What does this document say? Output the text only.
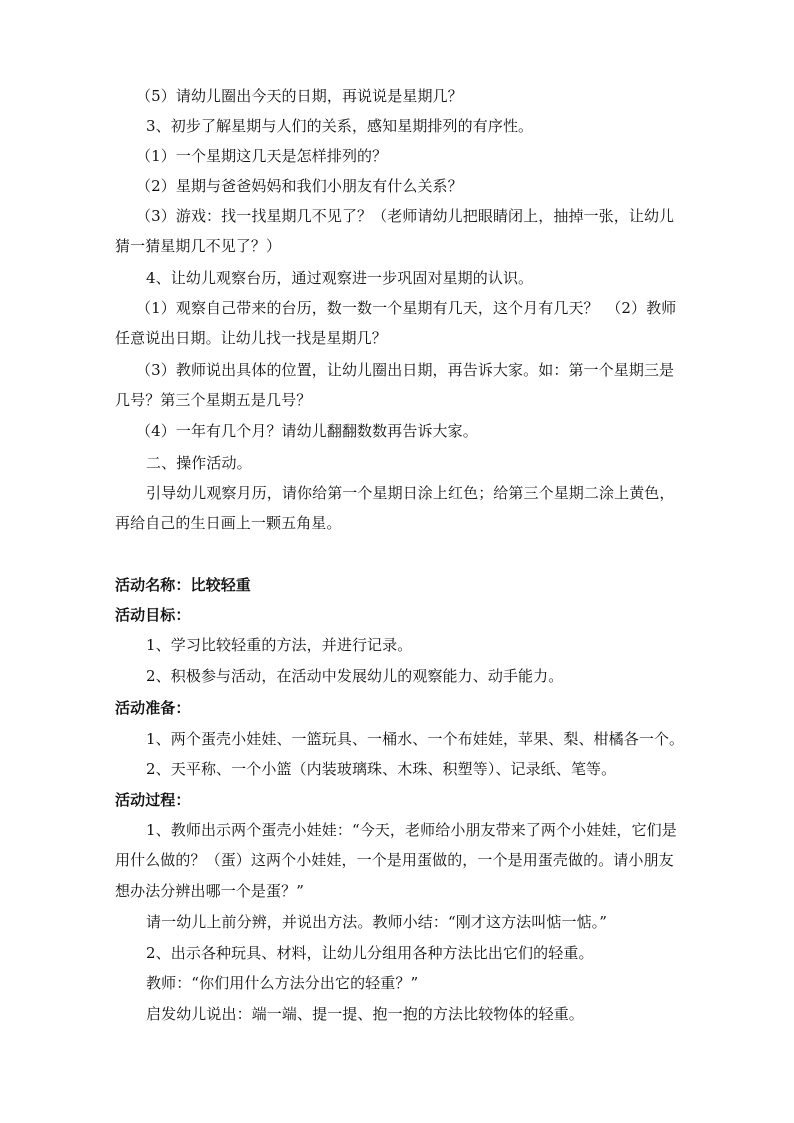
（5）请幼儿圈出今天的日期，再说说是星期几？
3、初步了解星期与人们的关系，感知星期排列的有序性。
（1）一个星期这几天是怎样排列的？
（2）星期与爸爸妈妈和我们小朋友有什么关系？
（3）游戏：找一找星期几不见了？（老师请幼儿把眼睛闭上，抽掉一张，让幼儿
猜一猜星期几不见了？）
4、让幼儿观察台历，通过观察进一步巩固对星期的认识。
（1）观察自己带来的台历，数一数一个星期有几天，这个月有几天？　（2）教师
任意说出日期。让幼儿找一找是星期几？
（3）教师说出具体的位置，让幼儿圈出日期，再告诉大家。如：第一个星期三是
几号？第三个星期五是几号？
（4）一年有几个月？请幼儿翻翻数数再告诉大家。
二、操作活动。
引导幼儿观察月历，请你给第一个星期日涂上红色；给第三个星期二涂上黄色，
再给自己的生日画上一颗五角星。
活动名称：比较轻重
活动目标：
1、学习比较轻重的方法，并进行记录。
2、积极参与活动，在活动中发展幼儿的观察能力、动手能力。
活动准备：
1、两个蛋壳小娃娃、一篮玩具、一桶水、一个布娃娃，苹果、梨、柑橘各一个。
2、天平称、一个小篮（内装玻璃珠、木珠、积塑等）、记录纸、笔等。
活动过程：
1、教师出示两个蛋壳小娃娃：“今天，老师给小朋友带来了两个小娃娃，它们是
用什么做的？（蛋）这两个小娃娃，一个是用蛋做的，一个是用蛋壳做的。请小朋友
想办法分辨出哪一个是蛋？”
请一幼儿上前分辨，并说出方法。教师小结：“刚才这方法叫惦一惦。”
2、出示各种玩具、材料，让幼儿分组用各种方法比出它们的轻重。
教师：“你们用什么方法分出它的轻重？”
启发幼儿说出：端一端、提一提、抱一抱的方法比较物体的轻重。
